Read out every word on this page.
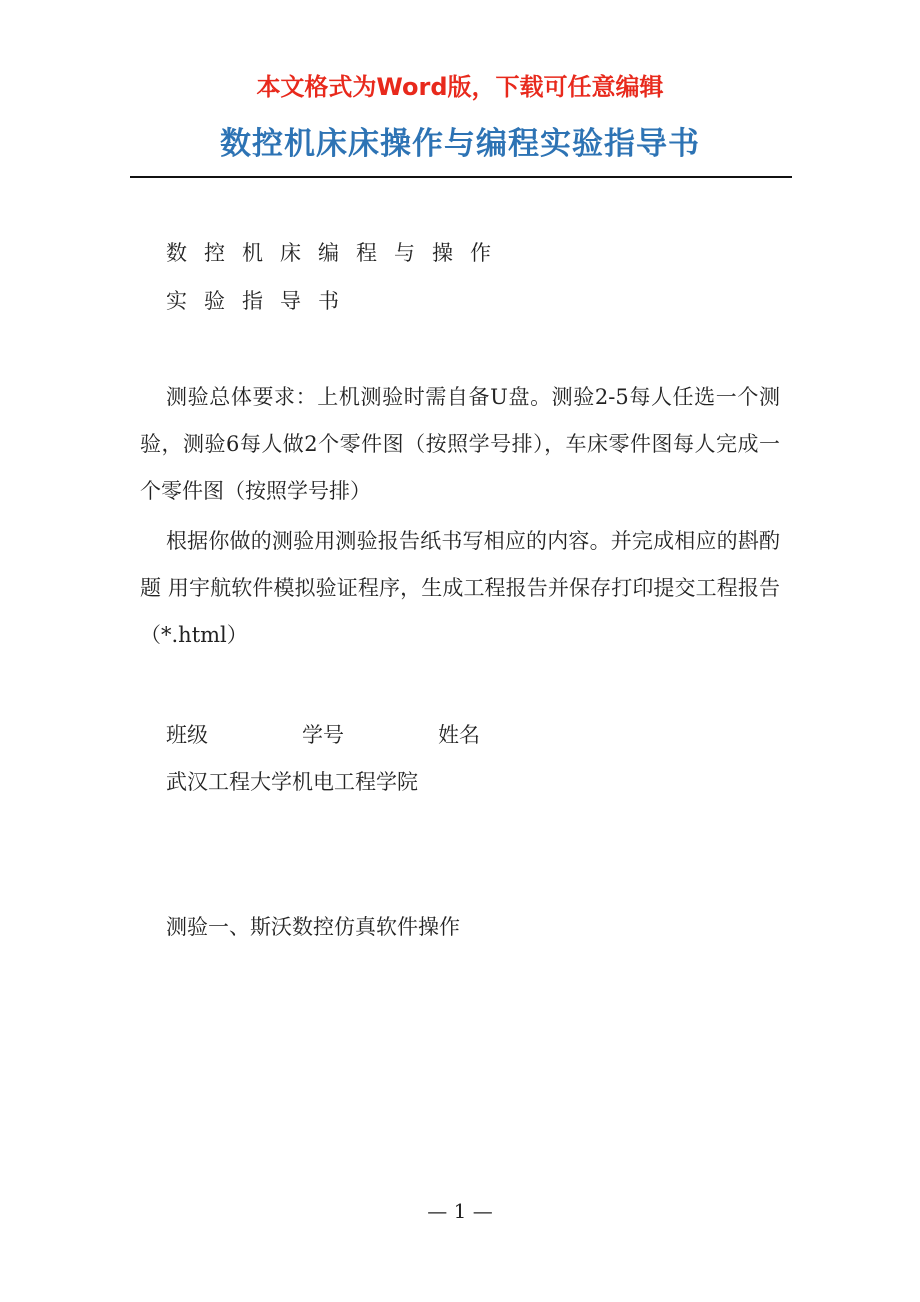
本文格式为Word版，下载可任意编辑
数控机床床操作与编程实验指导书
数控机床编程与操作
实验指导书
测验总体要求：上机测验时需自备U盘。测验2-5每人任选一个测验，测验6每人做2个零件图（按照学号排），车床零件图每人完成一个零件图（按照学号排）
根据你做的测验用测验报告纸书写相应的内容。并完成相应的斟酌题 用宇航软件模拟验证程序，生成工程报告并保存打印提交工程报告（*.html）
班级	学号	姓名
武汉工程大学机电工程学院
测验一、斯沃数控仿真软件操作
— 1 —
